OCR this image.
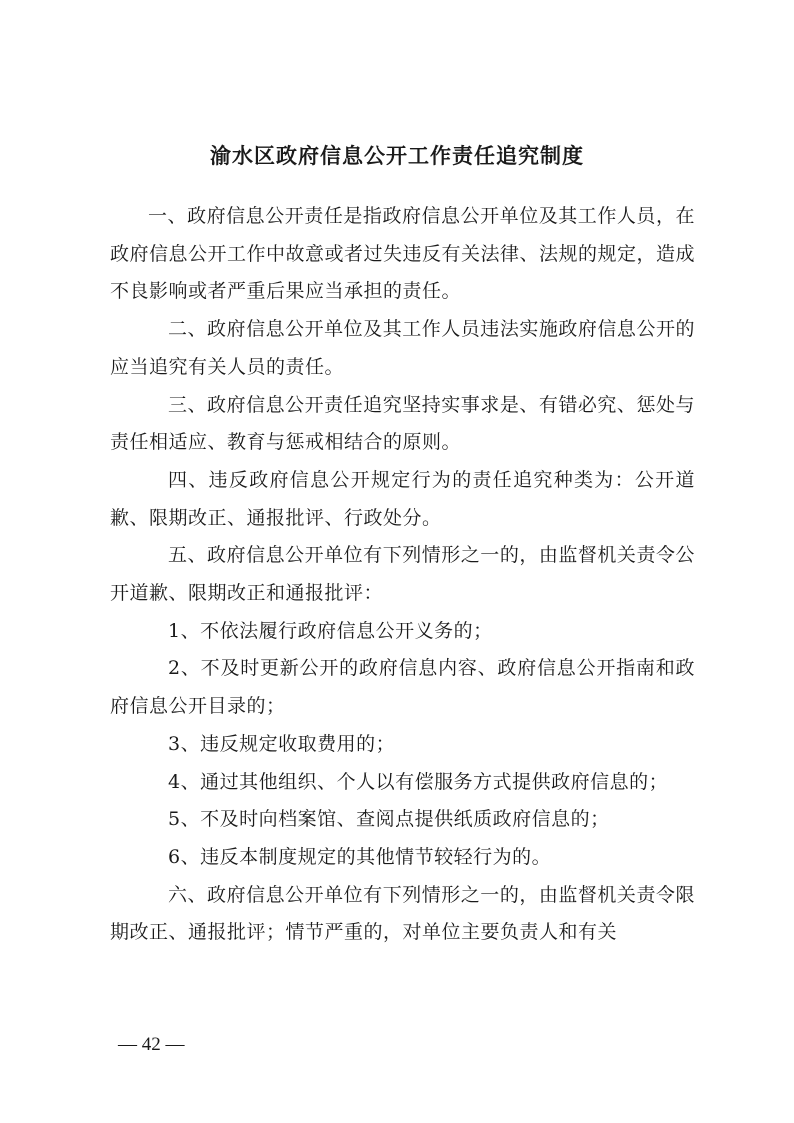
渝水区政府信息公开工作责任追究制度

一、政府信息公开责任是指政府信息公开单位及其工作人员，在政府信息公开工作中故意或者过失违反有关法律、法规的规定，造成不良影响或者严重后果应当承担的责任。

二、政府信息公开单位及其工作人员违法实施政府信息公开的应当追究有关人员的责任。

三、政府信息公开责任追究坚持实事求是、有错必究、惩处与责任相适应、教育与惩戒相结合的原则。

四、违反政府信息公开规定行为的责任追究种类为：公开道歉、限期改正、通报批评、行政处分。

五、政府信息公开单位有下列情形之一的，由监督机关责令公开道歉、限期改正和通报批评：

1、不依法履行政府信息公开义务的；

2、不及时更新公开的政府信息内容、政府信息公开指南和政府信息公开目录的；

3、违反规定收取费用的；

4、通过其他组织、个人以有偿服务方式提供政府信息的；

5、不及时向档案馆、查阅点提供纸质政府信息的；

6、违反本制度规定的其他情节较轻行为的。

六、政府信息公开单位有下列情形之一的，由监督机关责令限期改正、通报批评；情节严重的，对单位主要负责人和有关

— 42 —
